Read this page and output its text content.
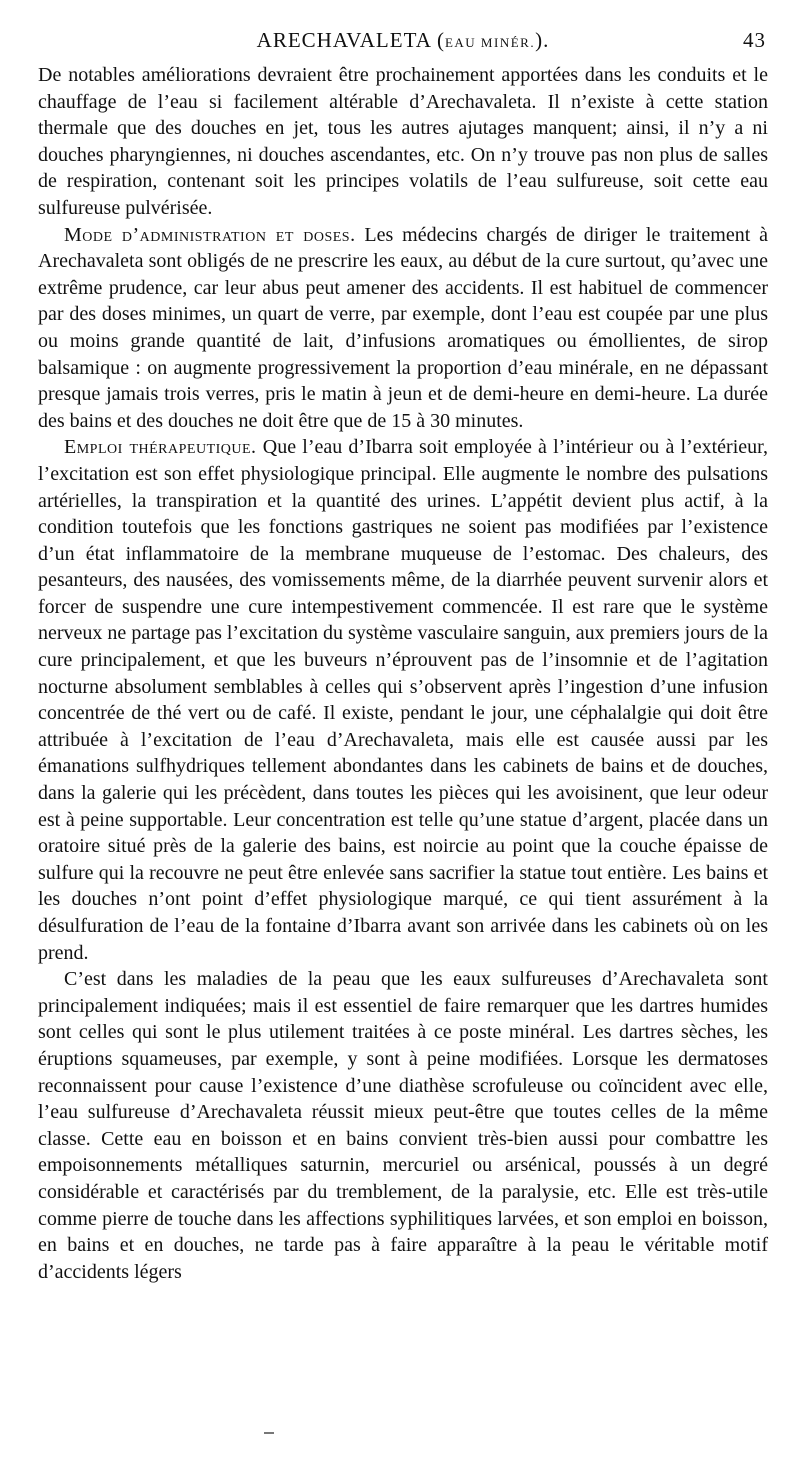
ARECHAVALETA (EAU MINÉR.).	43

De notables améliorations devraient être prochainement apportées dans les conduits et le chauffage de l’eau si facilement altérable d’Arechavaleta. Il n’existe à cette station thermale que des douches en jet, tous les autres ajutages manquent; ainsi, il n’y a ni douches pharyngiennes, ni douches ascendantes, etc. On n’y trouve pas non plus de salles de respiration, contenant soit les principes volatils de l’eau sulfureuse, soit cette eau sulfureuse pulvérisée.

Mode d’administration et doses. Les médecins chargés de diriger le traitement à Arechavaleta sont obligés de ne prescrire les eaux, au début de la cure surtout, qu’avec une extrême prudence, car leur abus peut amener des accidents. Il est habituel de commencer par des doses minimes, un quart de verre, par exemple, dont l’eau est coupée par une plus ou moins grande quantité de lait, d’infusions aromatiques ou émollientes, de sirop balsamique : on augmente progressivement la proportion d’eau minérale, en ne dépassant presque jamais trois verres, pris le matin à jeun et de demi-heure en demi-heure. La durée des bains et des douches ne doit être que de 15 à 30 minutes.

Emploi thérapeutique. Que l’eau d’Ibarra soit employée à l’intérieur ou à l’extérieur, l’excitation est son effet physiologique principal. Elle augmente le nombre des pulsations artérielles, la transpiration et la quantité des urines. L’appétit devient plus actif, à la condition toutefois que les fonctions gastriques ne soient pas modifiées par l’existence d’un état inflammatoire de la membrane muqueuse de l’estomac. Des chaleurs, des pesanteurs, des nausées, des vomissements même, de la diarrhée peuvent survenir alors et forcer de suspendre une cure intempestivement commencée. Il est rare que le système nerveux ne partage pas l’excitation du système vasculaire sanguin, aux premiers jours de la cure principalement, et que les buveurs n’éprouvent pas de l’insomnie et de l’agitation nocturne absolument semblables à celles qui s’observent après l’ingestion d’une infusion concentrée de thé vert ou de café. Il existe, pendant le jour, une céphalalgie qui doit être attribuée à l’excitation de l’eau d’Arechavaleta, mais elle est causée aussi par les émanations sulfhydriques tellement abondantes dans les cabinets de bains et de douches, dans la galerie qui les précèdent, dans toutes les pièces qui les avoisinent, que leur odeur est à peine supportable. Leur concentration est telle qu’une statue d’argent, placée dans un oratoire situé près de la galerie des bains, est noircie au point que la couche épaisse de sulfure qui la recouvre ne peut être enlevée sans sacrifier la statue tout entière. Les bains et les douches n’ont point d’effet physiologique marqué, ce qui tient assurément à la désulfuration de l’eau de la fontaine d’Ibarra avant son arrivée dans les cabinets où on les prend.

C’est dans les maladies de la peau que les eaux sulfureuses d’Arechavaleta sont principalement indiquées; mais il est essentiel de faire remarquer que les dartres humides sont celles qui sont le plus utilement traitées à ce poste minéral. Les dartres sèches, les éruptions squameuses, par exemple, y sont à peine modifiées. Lorsque les dermatoses reconnaissent pour cause l’existence d’une diathèse scrofuleuse ou coïncident avec elle, l’eau sulfureuse d’Arechavaleta réussit mieux peut-être que toutes celles de la même classe. Cette eau en boisson et en bains convient très-bien aussi pour combattre les empoisonnements métalliques saturnin, mercuriel ou arsénical, poussés à un degré considérable et caractérisés par du tremblement, de la paralysie, etc. Elle est très-utile comme pierre de touche dans les affections syphilitiques larvées, et son emploi en boisson, en bains et en douches, ne tarde pas à faire apparaître à la peau le véritable motif d’accidents légers
